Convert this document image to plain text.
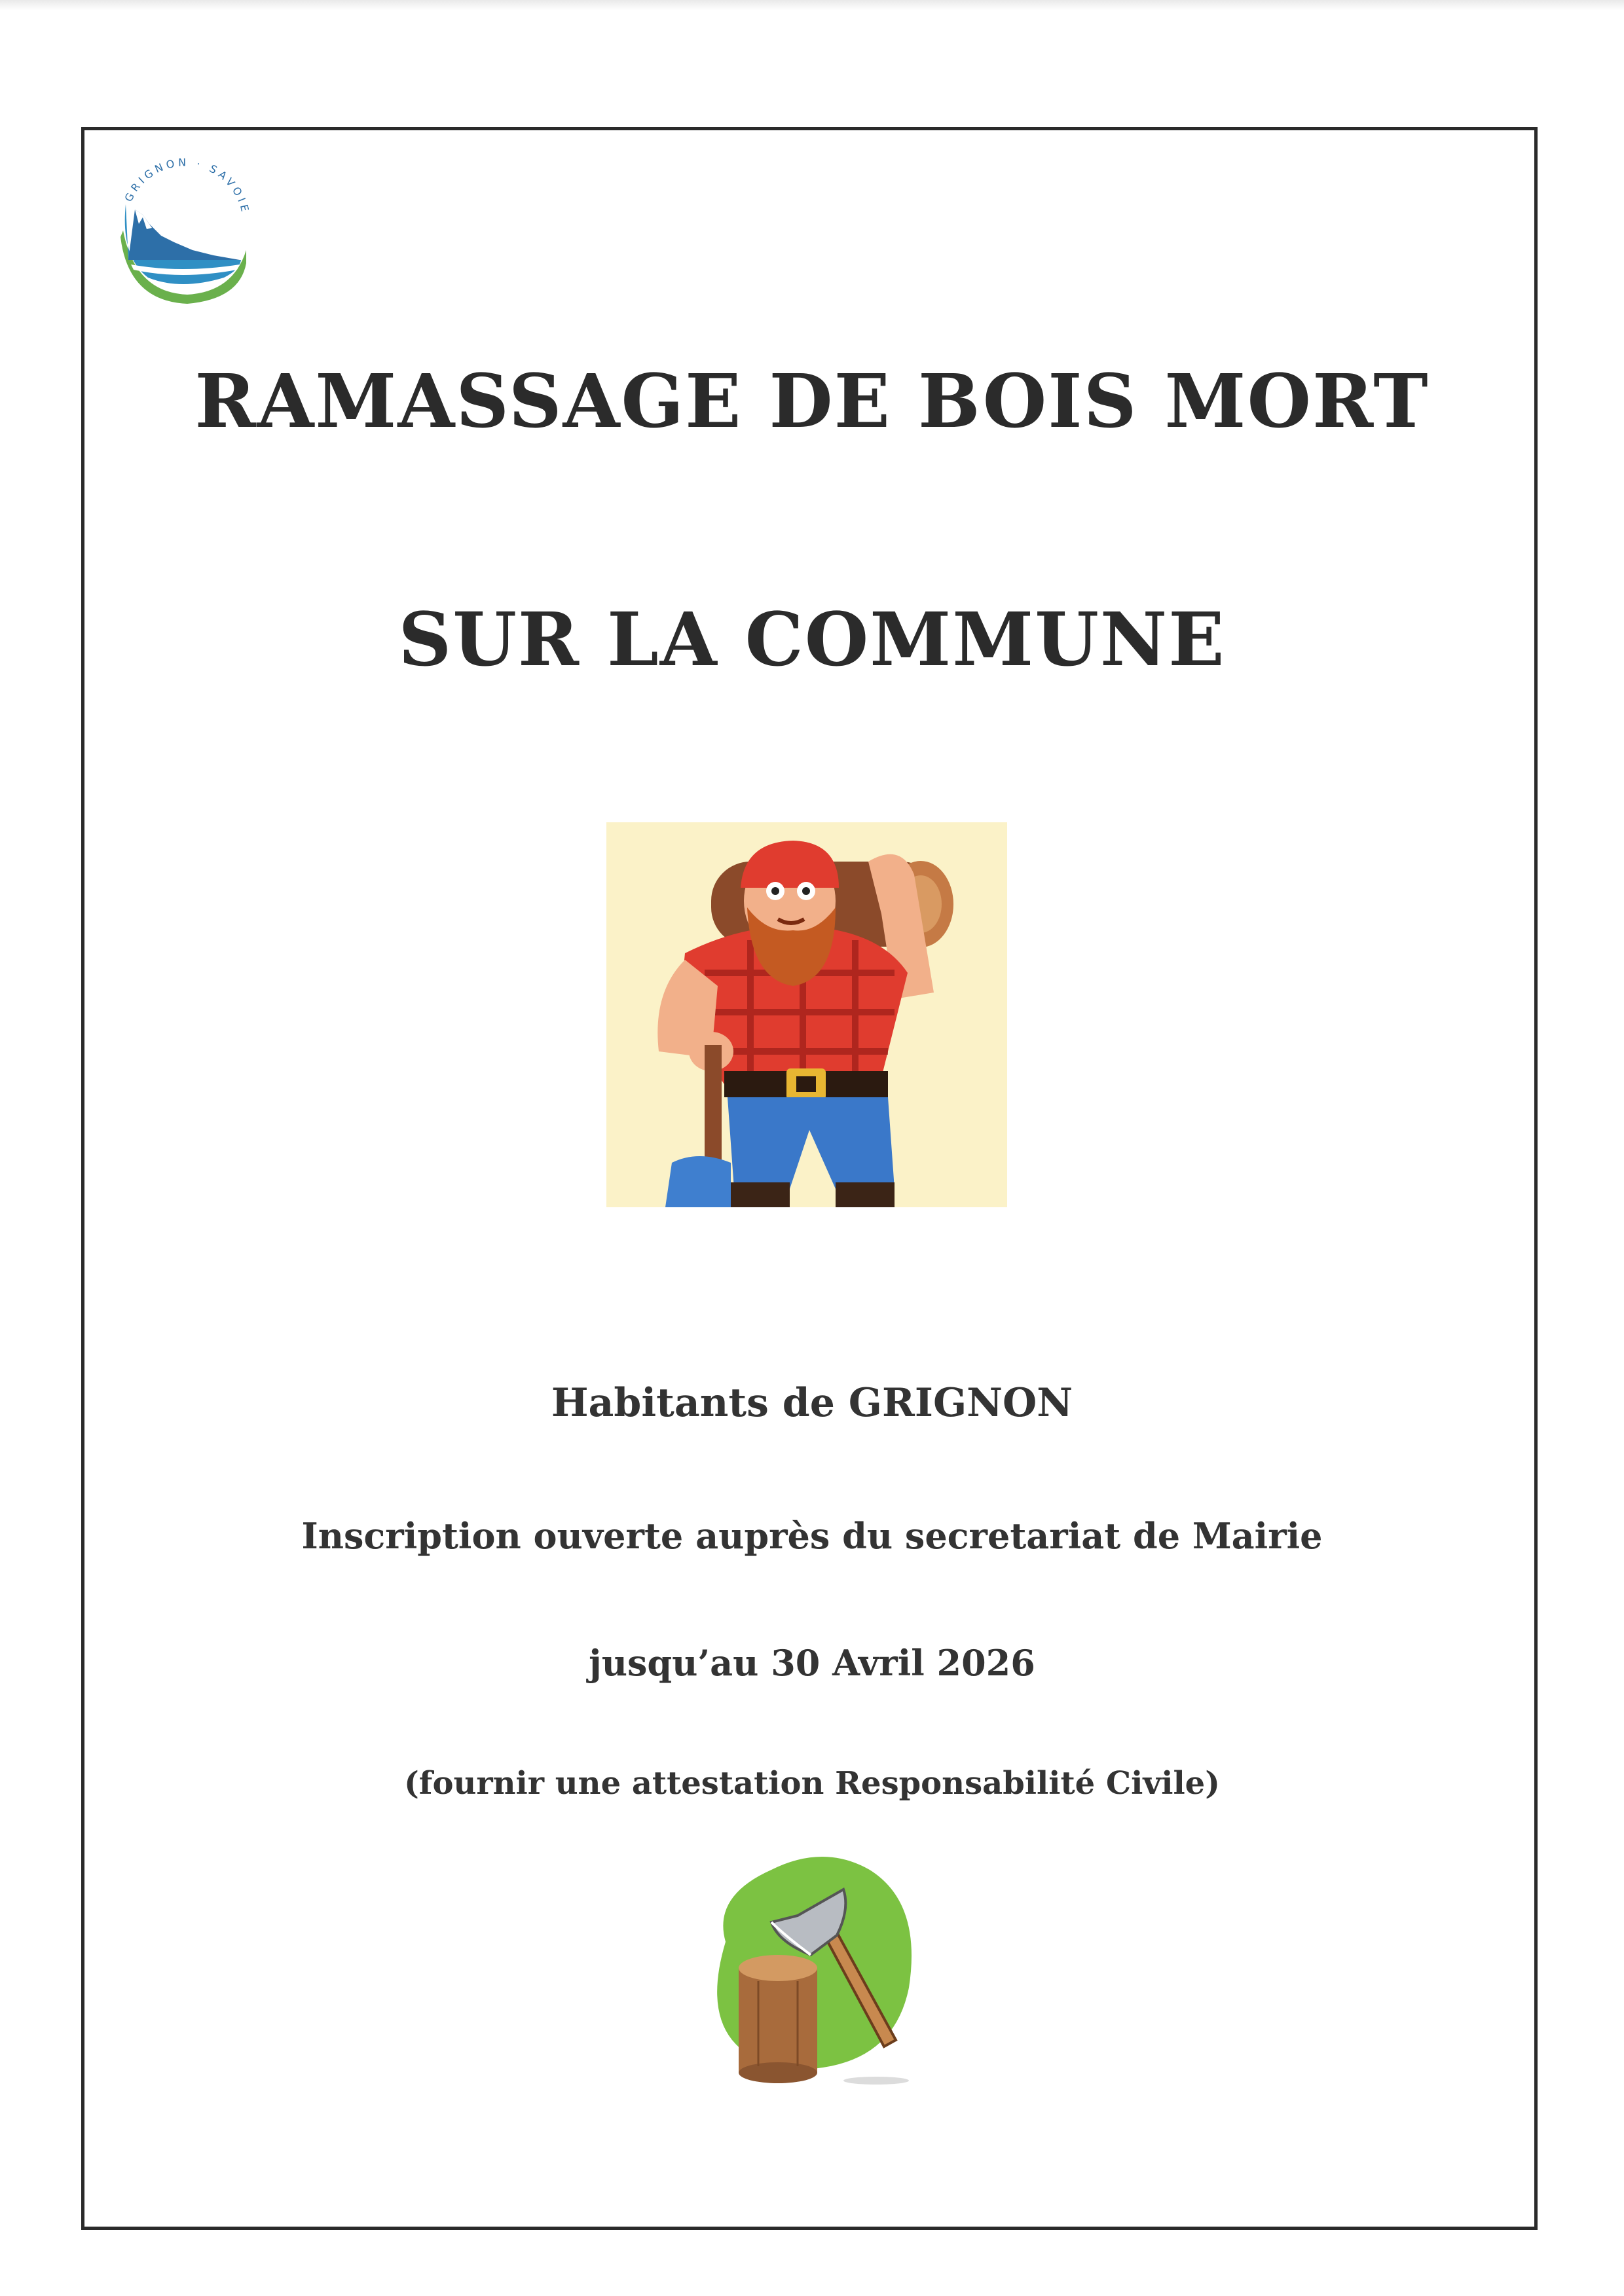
GRIGNON · SAVOIE
RAMASSAGE DE BOIS MORT
SUR LA COMMUNE
Habitants de GRIGNON
Inscription ouverte auprès du secretariat de Mairie
jusqu’au 30 Avril 2026
(fournir une attestation Responsabilité Civile)
